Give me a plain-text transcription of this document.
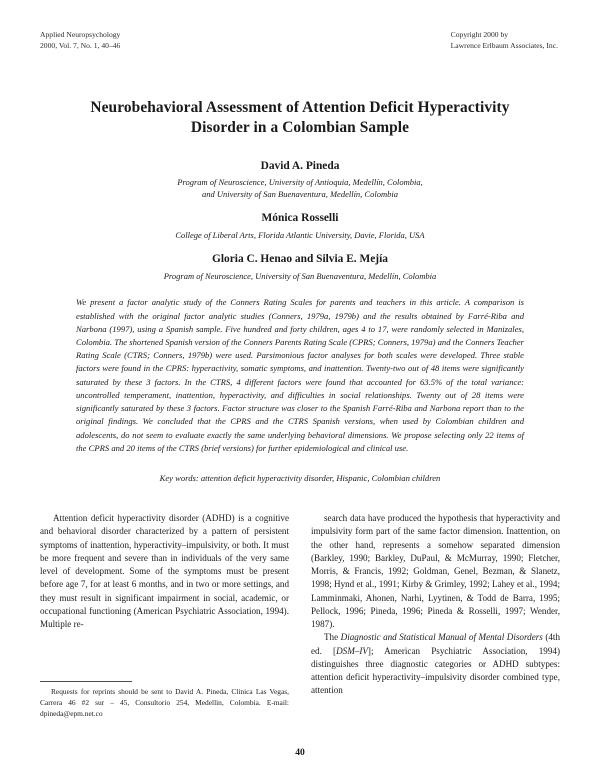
Applied Neuropsychology
2000, Vol. 7, No. 1, 40–46
Copyright 2000 by
Lawrence Erlbaum Associates, Inc.
Neurobehavioral Assessment of Attention Deficit Hyperactivity
Disorder in a Colombian Sample
David A. Pineda
Program of Neuroscience, University of Antioquia, Medellín, Colombia,
and University of San Buenaventura, Medellín, Colombia
Mónica Rosselli
College of Liberal Arts, Florida Atlantic University, Davie, Florida, USA
Gloria C. Henao and Silvia E. Mejía
Program of Neuroscience, University of San Buenaventura, Medellín, Colombia
We present a factor analytic study of the Conners Rating Scales for parents and teachers in this article. A comparison is established with the original factor analytic studies (Conners, 1979a, 1979b) and the results obtained by Farré-Riba and Narbona (1997), using a Spanish sample. Five hundred and forty children, ages 4 to 17, were randomly selected in Manizales, Colombia. The shortened Spanish version of the Conners Parents Rating Scale (CPRS; Conners, 1979a) and the Conners Teacher Rating Scale (CTRS; Conners, 1979b) were used. Parsimonious factor analyses for both scales were developed. Three stable factors were found in the CPRS: hyperactivity, somatic symptoms, and inattention. Twenty-two out of 48 items were significantly saturated by these 3 factors. In the CTRS, 4 different factors were found that accounted for 63.5% of the total variance: uncontrolled temperament, inattention, hyperactivity, and difficulties in social relationships. Twenty out of 28 items were significantly saturated by these 3 factors. Factor structure was closer to the Spanish Farré-Riba and Narbona report than to the original findings. We concluded that the CPRS and the CTRS Spanish versions, when used by Colombian children and adolescents, do not seem to evaluate exactly the same underlying behavioral dimensions. We propose selecting only 22 items of the CPRS and 20 items of the CTRS (brief versions) for further epidemiological and clinical use.
Key words: attention deficit hyperactivity disorder, Hispanic, Colombian children

Attention deficit hyperactivity disorder (ADHD) is a cognitive and behavioral disorder characterized by a pattern of persistent symptoms of inattention, hyperactivity–impulsivity, or both. It must be more frequent and severe than in individuals of the very same level of development. Some of the symptoms must be present before age 7, for at least 6 months, and in two or more settings, and they must result in significant impairment in social, academic, or occupational functioning (American Psychiatric Association, 1994). Multiple re-

Requests for reprints should be sent to David A. Pineda, Clinica Las Vegas, Carrera 46 #2 sur – 45, Consultorio 254, Medellin, Colombia. E-mail: dpineda@epm.net.co

search data have produced the hypothesis that hyperactivity and impulsivity form part of the same factor dimension. Inattention, on the other hand, represents a somehow separated dimension (Barkley, 1990; Barkley, DuPaul, & McMurray, 1990; Fletcher, Morris, & Francis, 1992; Goldman, Genel, Bezman, & Slanetz, 1998; Hynd et al., 1991; Kirby & Grimley, 1992; Lahey et al., 1994; Lamminmaki, Ahonen, Narhi, Lyytinen, & Todd de Barra, 1995; Pellock, 1996; Pineda, 1996; Pineda & Rosselli, 1997; Wender, 1987).

The Diagnostic and Statistical Manual of Mental Disorders (4th ed. [DSM–IV]; American Psychiatric Association, 1994) distinguishes three diagnostic categories or ADHD subtypes: attention deficit hyperactivity–impulsivity disorder combined type, attention

40
